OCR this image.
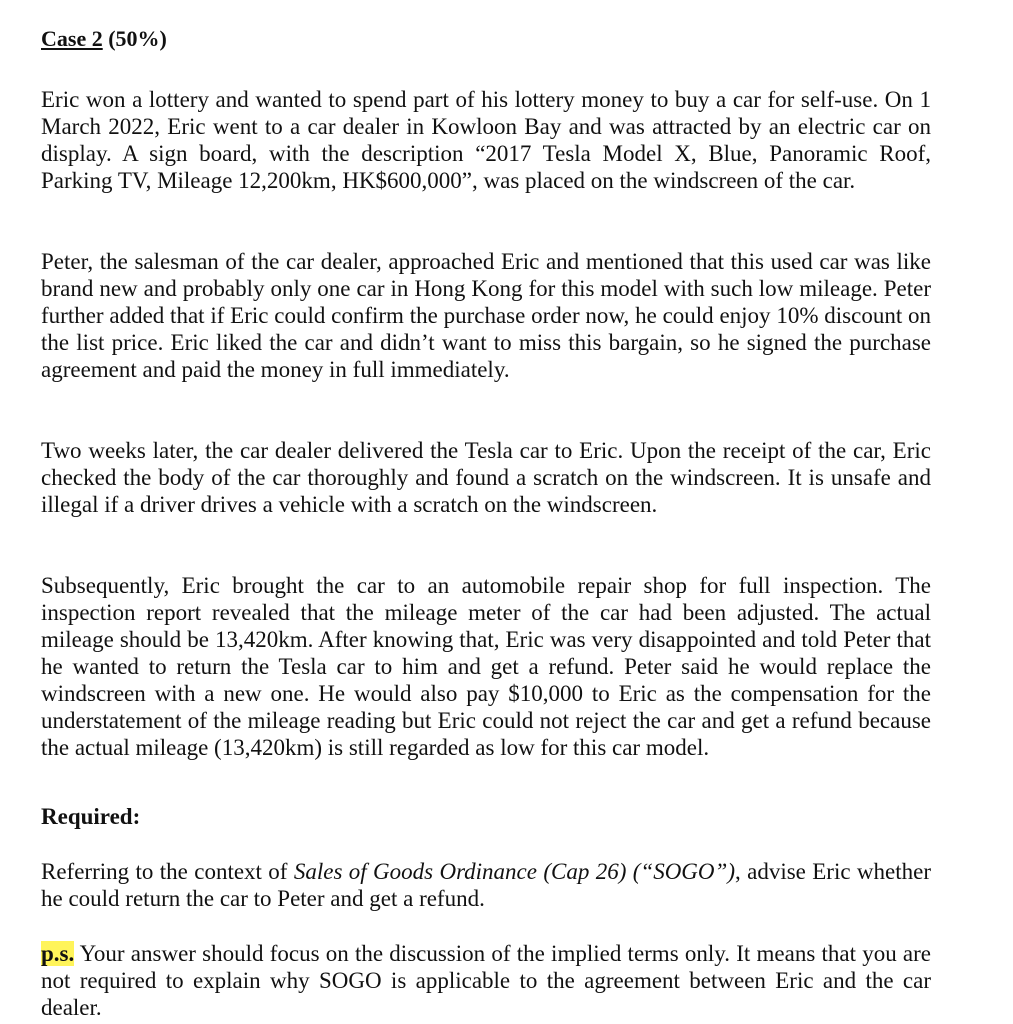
Case 2 (50%)

Eric won a lottery and wanted to spend part of his lottery money to buy a car for self-use. On 1 March 2022, Eric went to a car dealer in Kowloon Bay and was attracted by an electric car on display. A sign board, with the description “2017 Tesla Model X, Blue, Panoramic Roof, Parking TV, Mileage 12,200km, HK$600,000”, was placed on the windscreen of the car.

Peter, the salesman of the car dealer, approached Eric and mentioned that this used car was like brand new and probably only one car in Hong Kong for this model with such low mileage. Peter further added that if Eric could confirm the purchase order now, he could enjoy 10% discount on the list price. Eric liked the car and didn’t want to miss this bargain, so he signed the purchase agreement and paid the money in full immediately.

Two weeks later, the car dealer delivered the Tesla car to Eric. Upon the receipt of the car, Eric checked the body of the car thoroughly and found a scratch on the windscreen. It is unsafe and illegal if a driver drives a vehicle with a scratch on the windscreen.

Subsequently, Eric brought the car to an automobile repair shop for full inspection. The inspection report revealed that the mileage meter of the car had been adjusted. The actual mileage should be 13,420km. After knowing that, Eric was very disappointed and told Peter that he wanted to return the Tesla car to him and get a refund. Peter said he would replace the windscreen with a new one. He would also pay $10,000 to Eric as the compensation for the understatement of the mileage reading but Eric could not reject the car and get a refund because the actual mileage (13,420km) is still regarded as low for this car model.

Required:

Referring to the context of Sales of Goods Ordinance (Cap 26) (“SOGO”), advise Eric whether he could return the car to Peter and get a refund.

p.s. Your answer should focus on the discussion of the implied terms only. It means that you are not required to explain why SOGO is applicable to the agreement between Eric and the car dealer.
